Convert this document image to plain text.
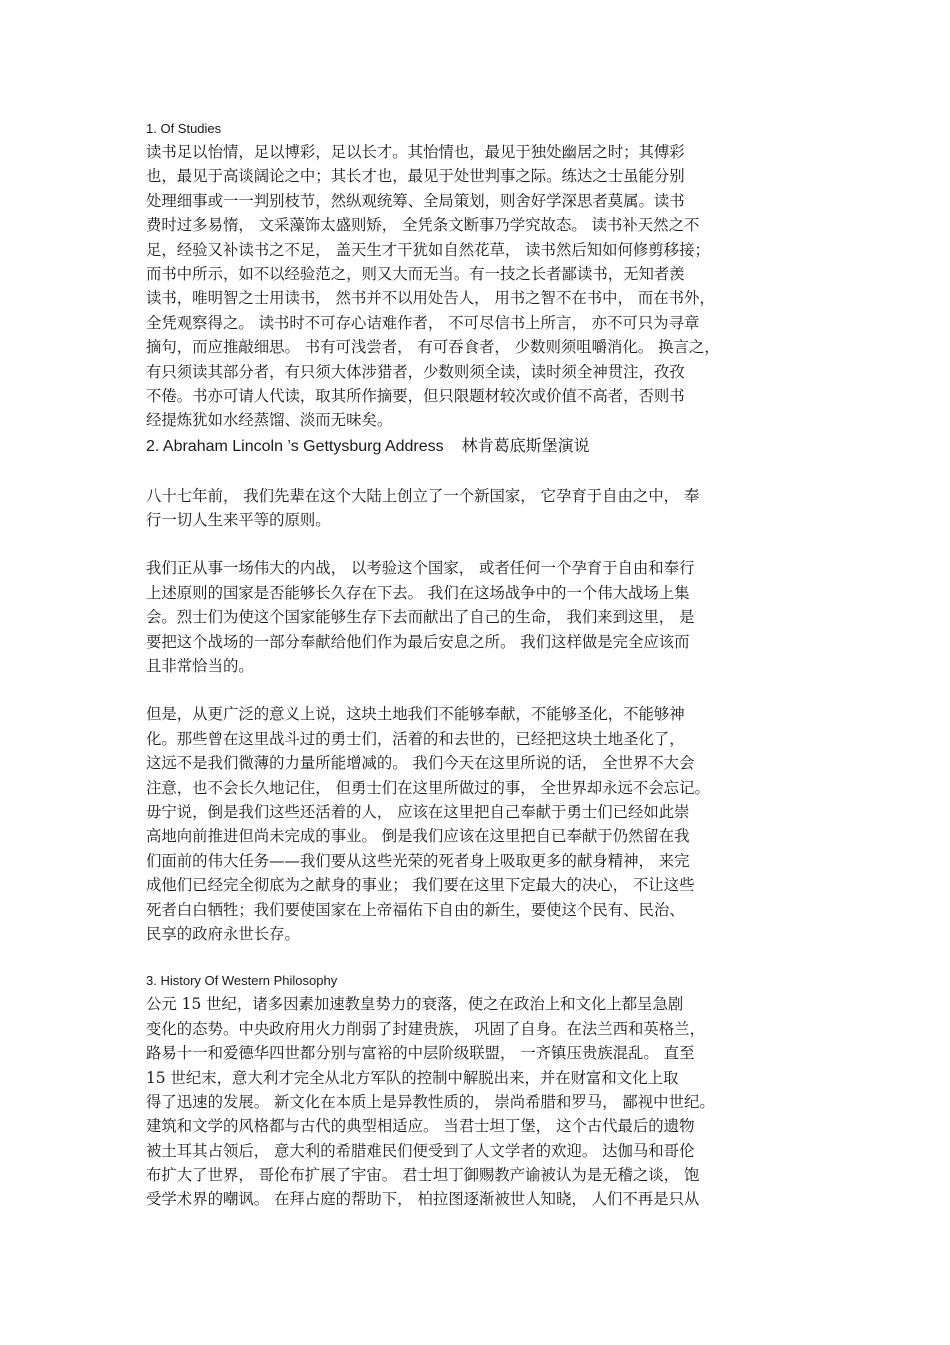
1. Of Studies

读书足以怡情，足以博彩，足以长才。其怡情也，最见于独处幽居之时；其傅彩
也，最见于高谈阔论之中；其长才也，最见于处世判事之际。练达之士虽能分别
处理细事或一一判别枝节，然纵观统筹、全局策划，则舍好学深思者莫属。读书
费时过多易惰， 文采藻饰太盛则矫， 全凭条文断事乃学究故态。 读书补天然之不
足，经验又补读书之不足， 盖天生才干犹如自然花草， 读书然后知如何修剪移接；
而书中所示，如不以经验范之，则又大而无当。有一技之长者鄙读书，无知者羡
读书，唯明智之士用读书， 然书并不以用处告人， 用书之智不在书中， 而在书外，
全凭观察得之。 读书时不可存心诘难作者， 不可尽信书上所言， 亦不可只为寻章
摘句，而应推敲细思。 书有可浅尝者， 有可吞食者， 少数则须咀嚼消化。 换言之，
有只须读其部分者，有只须大体涉猎者，少数则须全读，读时须全神贯注，孜孜
不倦。书亦可请人代读，取其所作摘要，但只限题材较次或价值不高者，否则书
经提炼犹如水经蒸馏、淡而无味矣。

2. Abraham Lincoln ’s Gettysburg Address 林肯葛底斯堡演说

八十七年前， 我们先辈在这个大陆上创立了一个新国家， 它孕育于自由之中， 奉
行一切人生来平等的原则。
我们正从事一场伟大的内战， 以考验这个国家， 或者任何一个孕育于自由和奉行
上述原则的国家是否能够长久存在下去。 我们在这场战争中的一个伟大战场上集
会。烈士们为使这个国家能够生存下去而献出了自己的生命， 我们来到这里， 是
要把这个战场的一部分奉献给他们作为最后安息之所。 我们这样做是完全应该而
且非常恰当的。
但是，从更广泛的意义上说，这块土地我们不能够奉献，不能够圣化，不能够神
化。那些曾在这里战斗过的勇士们，活着的和去世的，已经把这块土地圣化了，
这远不是我们微薄的力量所能增减的。 我们今天在这里所说的话， 全世界不大会
注意，也不会长久地记住， 但勇士们在这里所做过的事， 全世界却永远不会忘记。
毋宁说，倒是我们这些还活着的人， 应该在这里把自己奉献于勇士们已经如此崇
高地向前推进但尚未完成的事业。 倒是我们应该在这里把自已奉献于仍然留在我
们面前的伟大任务——我们要从这些光荣的死者身上吸取更多的献身精神， 来完
成他们已经完全彻底为之献身的事业； 我们要在这里下定最大的决心， 不让这些
死者白白牺牲；我们要使国家在上帝福佑下自由的新生，要使这个民有、民治、
民享的政府永世长存。

3. History Of Western Philosophy

公元 15 世纪，诸多因素加速教皇势力的衰落，使之在政治上和文化上都呈急剧
变化的态势。中央政府用火力削弱了封建贵族， 巩固了自身。在法兰西和英格兰，
路易十一和爱德华四世都分别与富裕的中层阶级联盟， 一齐镇压贵族混乱。 直至
15 世纪末，意大利才完全从北方军队的控制中解脱出来，并在财富和文化上取
得了迅速的发展。 新文化在本质上是异教性质的， 崇尚希腊和罗马， 鄙视中世纪。
建筑和文学的风格都与古代的典型相适应。 当君士坦丁堡， 这个古代最后的遗物
被土耳其占领后， 意大利的希腊难民们便受到了人文学者的欢迎。 达伽马和哥伦
布扩大了世界， 哥伦布扩展了宇宙。 君士坦丁御赐教产谕被认为是无稽之谈， 饱
受学术界的嘲讽。 在拜占庭的帮助下， 柏拉图逐渐被世人知晓， 人们不再是只从
